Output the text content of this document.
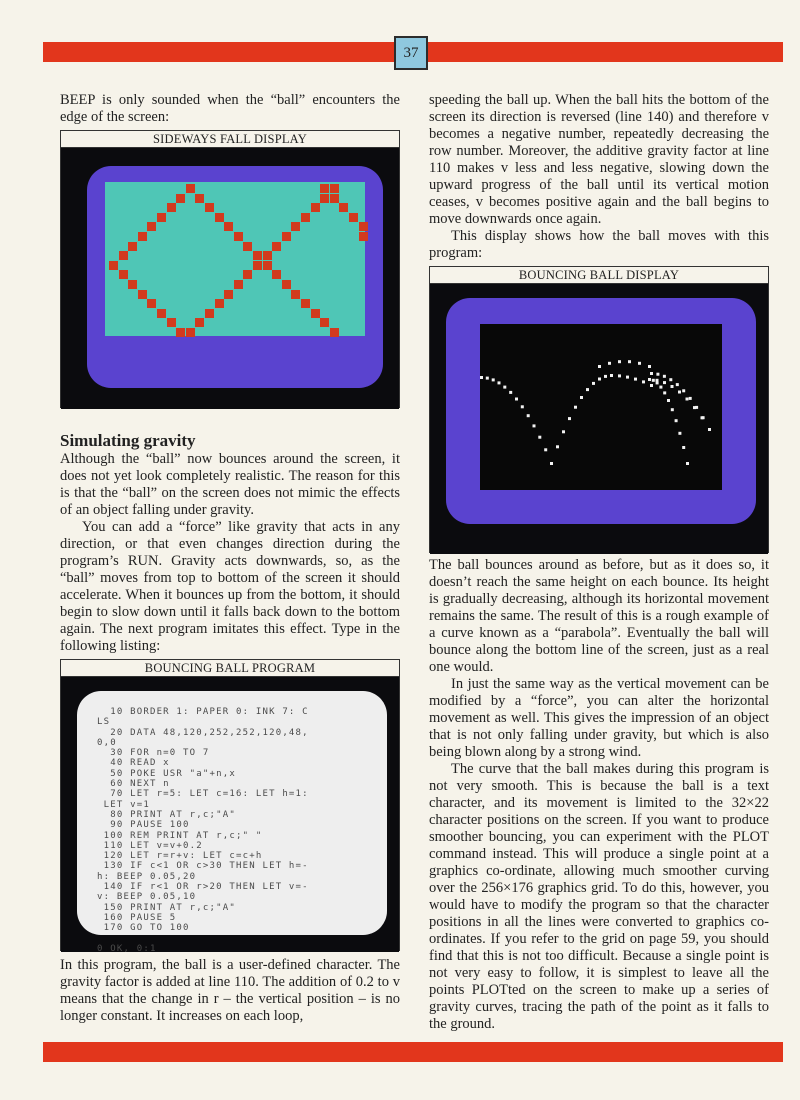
37

BEEP is only sounded when the “ball” encounters the edge of the screen:

SIDEWAYS FALL DISPLAY
Simulating gravity

Although the “ball” now bounces around the screen, it does not yet look completely realistic. The reason for this is that the “ball” on the screen does not mimic the effects of an object falling under gravity.

You can add a “force” like gravity that acts in any direction, or that even changes direction during the program’s RUN. Gravity acts downwards, so, as the “ball” moves from top to bottom of the screen it should accelerate. When it bounces up from the bottom, it should begin to slow down until it falls back down to the bottom again. The next program imitates this effect. Type in the following listing:

BOUNCING BALL PROGRAM
10 BORDER 1: PAPER 0: INK 7: C
LS
20 DATA 48,120,252,252,120,48,
0,0
30 FOR n=0 TO 7
40 READ x
50 POKE USR "a"+n,x
60 NEXT n
70 LET r=5: LET c=16: LET h=1:
LET v=1
80 PRINT AT r,c;"A"
90 PAUSE 100
100 REM PRINT AT r,c;" "
110 LET v=v+0.2
120 LET r=r+v: LET c=c+h
130 IF c<1 OR c>30 THEN LET h=-
h: BEEP 0.05,20
140 IF r<1 OR r>20 THEN LET v=-
v: BEEP 0.05,10
150 PRINT AT r,c;"A"
160 PAUSE 5
170 GO TO 100

0 OK, 0:1

In this program, the ball is a user-defined character. The gravity factor is added at line 110. The addition of 0.2 to v means that the change in r – the vertical position – is no longer constant. It increases on each loop,

speeding the ball up. When the ball hits the bottom of the screen its direction is reversed (line 140) and therefore v becomes a negative number, repeatedly decreasing the row number. Moreover, the additive gravity factor at line 110 makes v less and less negative, slowing down the upward progress of the ball until its vertical motion ceases, v becomes positive again and the ball begins to move downwards once again.

This display shows how the ball moves with this program:

BOUNCING BALL DISPLAY

The ball bounces around as before, but as it does so, it doesn’t reach the same height on each bounce. Its height is gradually decreasing, although its horizontal movement remains the same. The result of this is a rough example of a curve known as a “parabola”. Eventually the ball will bounce along the bottom line of the screen, just as a real one would.

In just the same way as the vertical movement can be modified by a “force”, you can alter the horizontal movement as well. This gives the impression of an object that is not only falling under gravity, but which is also being blown along by a strong wind.

The curve that the ball makes during this program is not very smooth. This is because the ball is a text character, and its movement is limited to the 32×22 character positions on the screen. If you want to produce smoother bouncing, you can experiment with the PLOT command instead. This will produce a single point at a graphics co-ordinate, allowing much smoother curving over the 256×176 graphics grid. To do this, however, you would have to modify the program so that the character positions in all the lines were converted to graphics co-ordinates. If you refer to the grid on page 59, you should find that this is not too difficult. Because a single point is not very easy to follow, it is simplest to leave all the points PLOTted on the screen to make up a series of gravity curves, tracing the path of the point as it falls to the ground.
